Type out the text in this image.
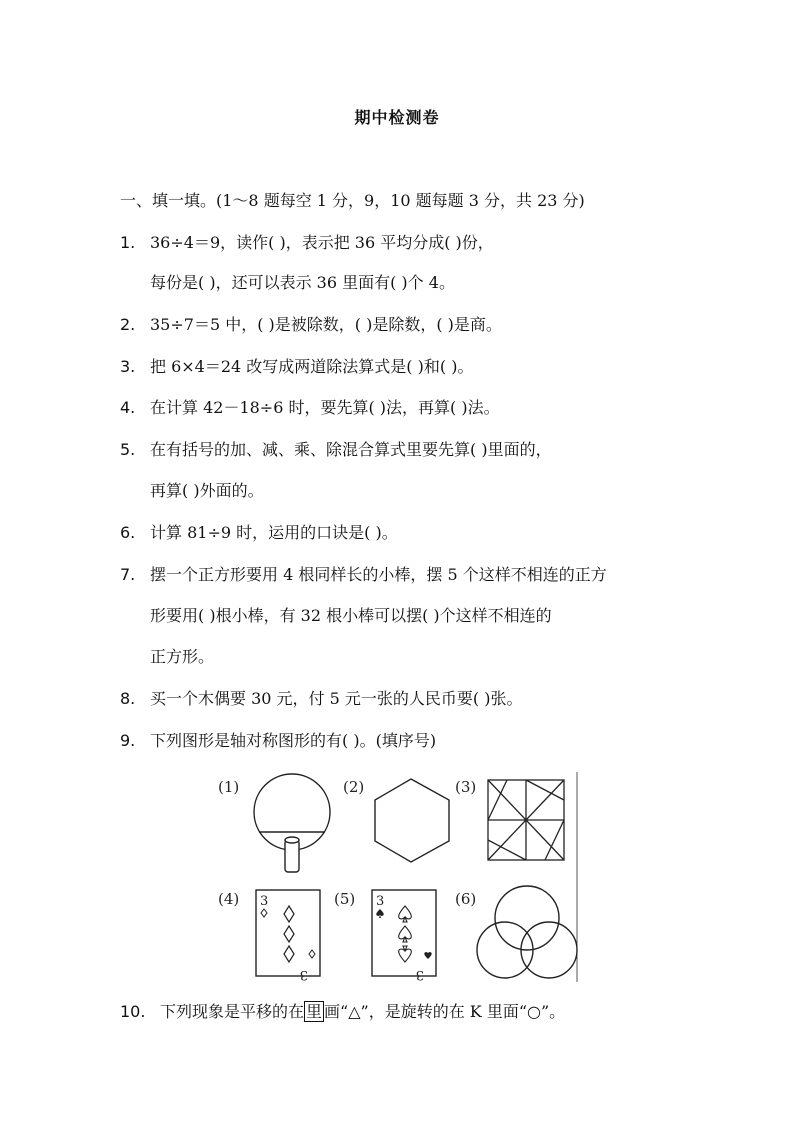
期中检测卷
一、填一填。(1～8 题每空 1 分，9，10 题每题 3 分，共 23 分)
1. 36÷4＝9，读作( )，表示把 36 平均分成( )份，
每份是( )，还可以表示 36 里面有( )个 4。
2. 35÷7＝5 中，( )是被除数，( )是除数，( )是商。
3. 把 6×4＝24 改写成两道除法算式是( )和( )。
4. 在计算 42－18÷6 时，要先算( )法，再算( )法。
5. 在有括号的加、减、乘、除混合算式里要先算( )里面的，
再算( )外面的。
6. 计算 81÷9 时，运用的口诀是( )。
7. 摆一个正方形要用 4 根同样长的小棒，摆 5 个这样不相连的正方
形要用( )根小棒，有 32 根小棒可以摆( )个这样不相连的
正方形。
8. 买一个木偶要 30 元，付 5 元一张的人民币要( )张。
9. 下列图形是轴对称图形的有( )。(填序号)
(1)	(2)	(3)
(4) 3
3
(5) 3
3
(6)
10. 下列现象是平移的在 里 画“△”，是旋转的在 K 里面“○”。
